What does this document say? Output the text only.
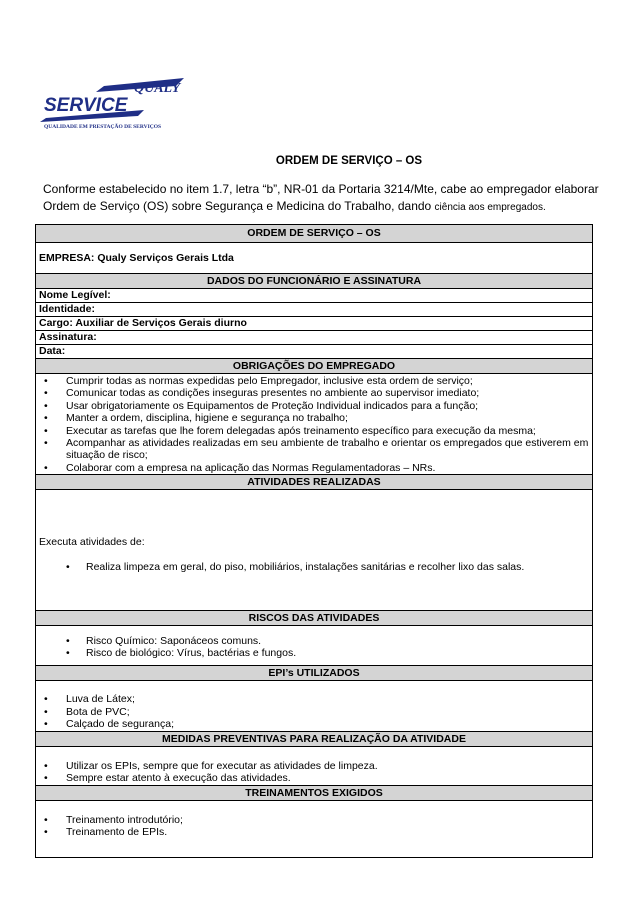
QUALY
SERVICE
QUALIDADE EM PRESTAÇÃO DE SERVIÇOS
ORDEM DE SERVIÇO – OS
Conforme estabelecido no item 1.7, letra “b”, NR-01 da Portaria 3214/Mte, cabe ao empregador elaborar
Ordem de Serviço (OS) sobre Segurança e Medicina do Trabalho, dando ciência aos empregados.
ORDEM DE SERVIÇO – OS
EMPRESA: Qualy Serviços Gerais Ltda
DADOS DO FUNCIONÁRIO E ASSINATURA
Nome Legível:
Identidade:
Cargo: Auxiliar de Serviços Gerais diurno
Assinatura:
Data:
OBRIGAÇÕES DO EMPREGADO
• Cumprir todas as normas expedidas pelo Empregador, inclusive esta ordem de serviço;
• Comunicar todas as condições inseguras presentes no ambiente ao supervisor imediato;
• Usar obrigatoriamente os Equipamentos de Proteção Individual indicados para a função;
• Manter a ordem, disciplina, higiene e segurança no trabalho;
• Executar as tarefas que lhe forem delegadas após treinamento específico para execução da mesma;
• Acompanhar as atividades realizadas em seu ambiente de trabalho e orientar os empregados que estiverem em situação de risco;
• Colaborar com a empresa na aplicação das Normas Regulamentadoras – NRs.
ATIVIDADES REALIZADAS
Executa atividades de:
• Realiza limpeza em geral, do piso, mobiliários, instalações sanitárias e recolher lixo das salas.
RISCOS DAS ATIVIDADES
• Risco Químico: Saponáceos comuns.
• Risco de biológico: Vírus, bactérias e fungos.
EPI’s UTILIZADOS
• Luva de Látex;
• Bota de PVC;
• Calçado de segurança;
MEDIDAS PREVENTIVAS PARA REALIZAÇÃO DA ATIVIDADE
• Utilizar os EPIs, sempre que for executar as atividades de limpeza.
• Sempre estar atento à execução das atividades.
TREINAMENTOS EXIGIDOS
• Treinamento introdutório;
• Treinamento de EPIs.
